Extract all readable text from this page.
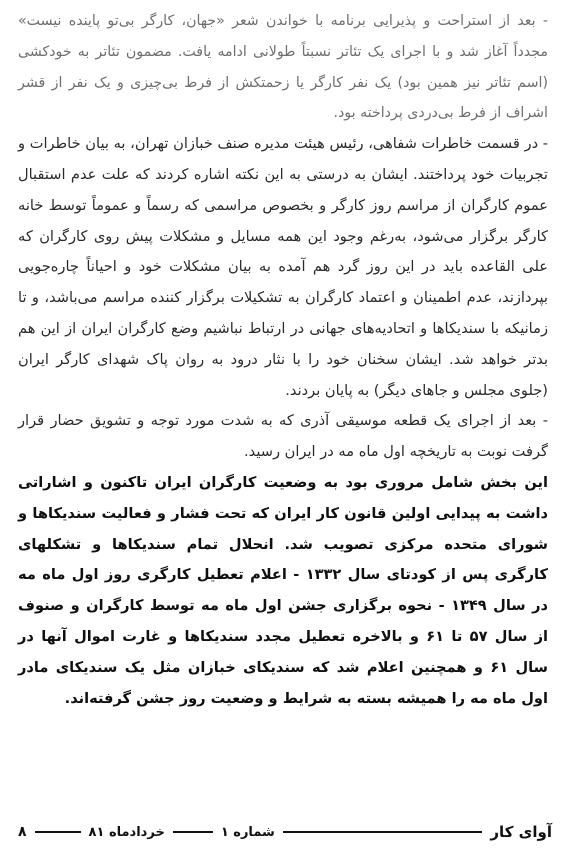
- بعد از استراحت و پذیرایی برنامه با خواندن شعر «جهان، کارگر بی‌تو پاینده نیست» مجدداً آغاز شد و با اجرای یک تئاتر نسبتاً طولانی ادامه یافت. مضمون تئاتر به خودکشی (اسم تئاتر نیز همین بود) یک نفر کارگر یا زحمتکش از فرط بی‌چیزی و یک نفر از قشر اشراف از فرط بی‌دردی پرداخته بود.

- در قسمت خاطرات شفاهی، رئیس هیئت مدیره صنف خبازان تهران، به بیان خاطرات و تجربیات خود پرداختند. ایشان به درستی به این نکته اشاره کردند که علت عدم استقبال عموم کارگران از مراسم روز کارگر و بخصوص مراسمی که رسماً و عموماً توسط خانه کارگر برگزار می‌شود، به‌رغم وجود این همه مسایل و مشکلات پیش روی کارگران که علی القاعده باید در این روز گرد هم آمده به بیان مشکلات خود و احیاناً چاره‌جویی بپردازند، عدم اطمینان و اعتماد کارگران به تشکیلات برگزار کننده مراسم می‌باشد، و تا زمانیکه با سندیکاها و اتحادیه‌های جهانی در ارتباط نباشیم وضع کارگران ایران از این هم بدتر خواهد شد. ایشان سخنان خود را با نثار درود به روان پاک شهدای کارگر ایران (جلوی مجلس و جاهای دیگر) به پایان بردند.

- بعد از اجرای یک قطعه موسیقی آذری که به شدت مورد توجه و تشویق حضار قرار گرفت نوبت به تاریخچه اول ماه مه در ایران رسید.

این بخش شامل مروری بود به وضعیت کارگران ایران تاکنون و اشاراتی داشت به پیدایی اولین قانون کار ایران که تحت فشار و فعالیت سندیکاها و شورای متحده مرکزی تصویب شد. انحلال تمام سندیکاها و تشکلهای کارگری پس از کودتای سال ۱۳۳۲ - اعلام تعطیل کارگری روز اول ماه مه در سال ۱۳۴۹ - نحوه برگزاری جشن اول ماه مه توسط کارگران و صنوف از سال ۵۷ تا ۶۱ و بالاخره تعطیل مجدد سندیکاها و غارت اموال آنها در سال ۶۱ و همچنین اعلام شد که سندیکای خبازان مثل یک سندیکای مادر اول ماه مه را همیشه بسته به شرایط و وضعیت روز جشن گرفته‌اند.

آوای کار
شماره ۱
خردادماه ۸۱
۸
